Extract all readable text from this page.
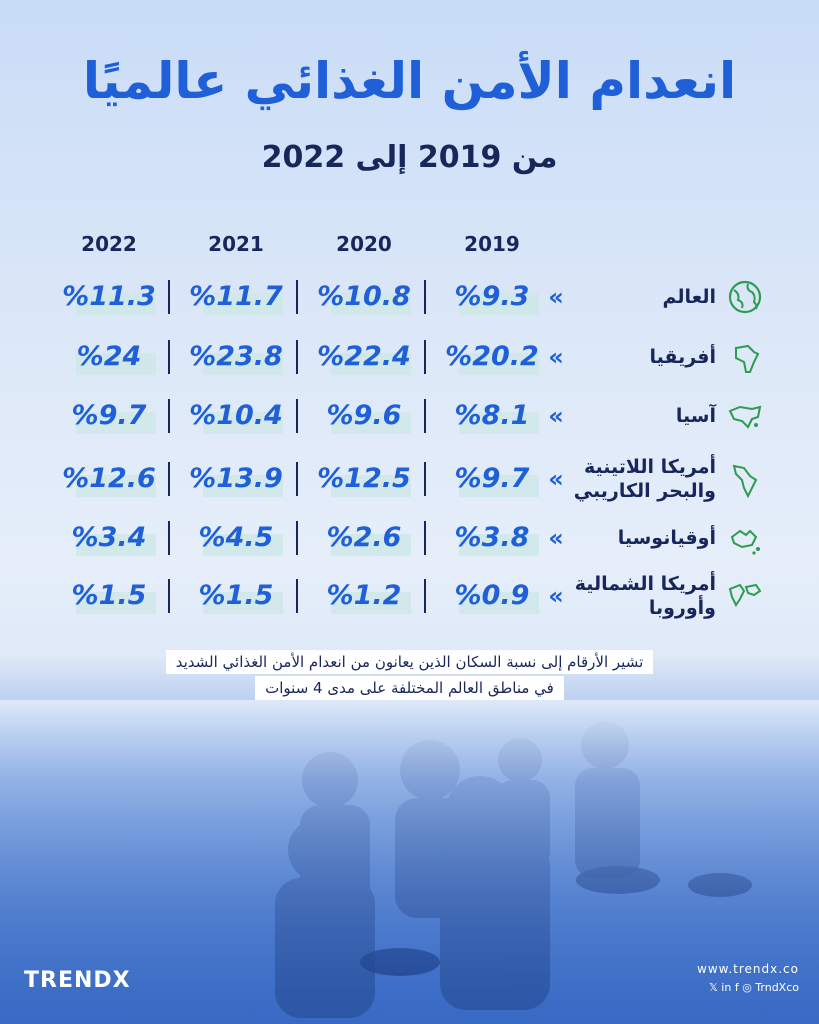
انعدام الأمن الغذائي عالميًا
من 2019 إلى 2022
2019
2020
2021
2022
العالم
«
%9.3
%10.8
%11.7
%11.3
أفريقيا
«
%20.2
%22.4
%23.8
%24
آسيا
«
%8.1
%9.6
%10.4
%9.7
أمريكا اللاتينية والبحر الكاريبي
«
%9.7
%12.5
%13.9
%12.6
أوقيانوسيا
«
%3.8
%2.6
%4.5
%3.4
أمريكا الشمالية وأوروبا
«
%0.9
%1.2
%1.5
%1.5
تشير الأرقام إلى نسبة السكان الذين يعانون من انعدام الأمن الغذائي الشديد
في مناطق العالم المختلفة على مدى 4 سنوات
TRENDX	www.trendx.co
𝕏 in f ◎ TrndXco
